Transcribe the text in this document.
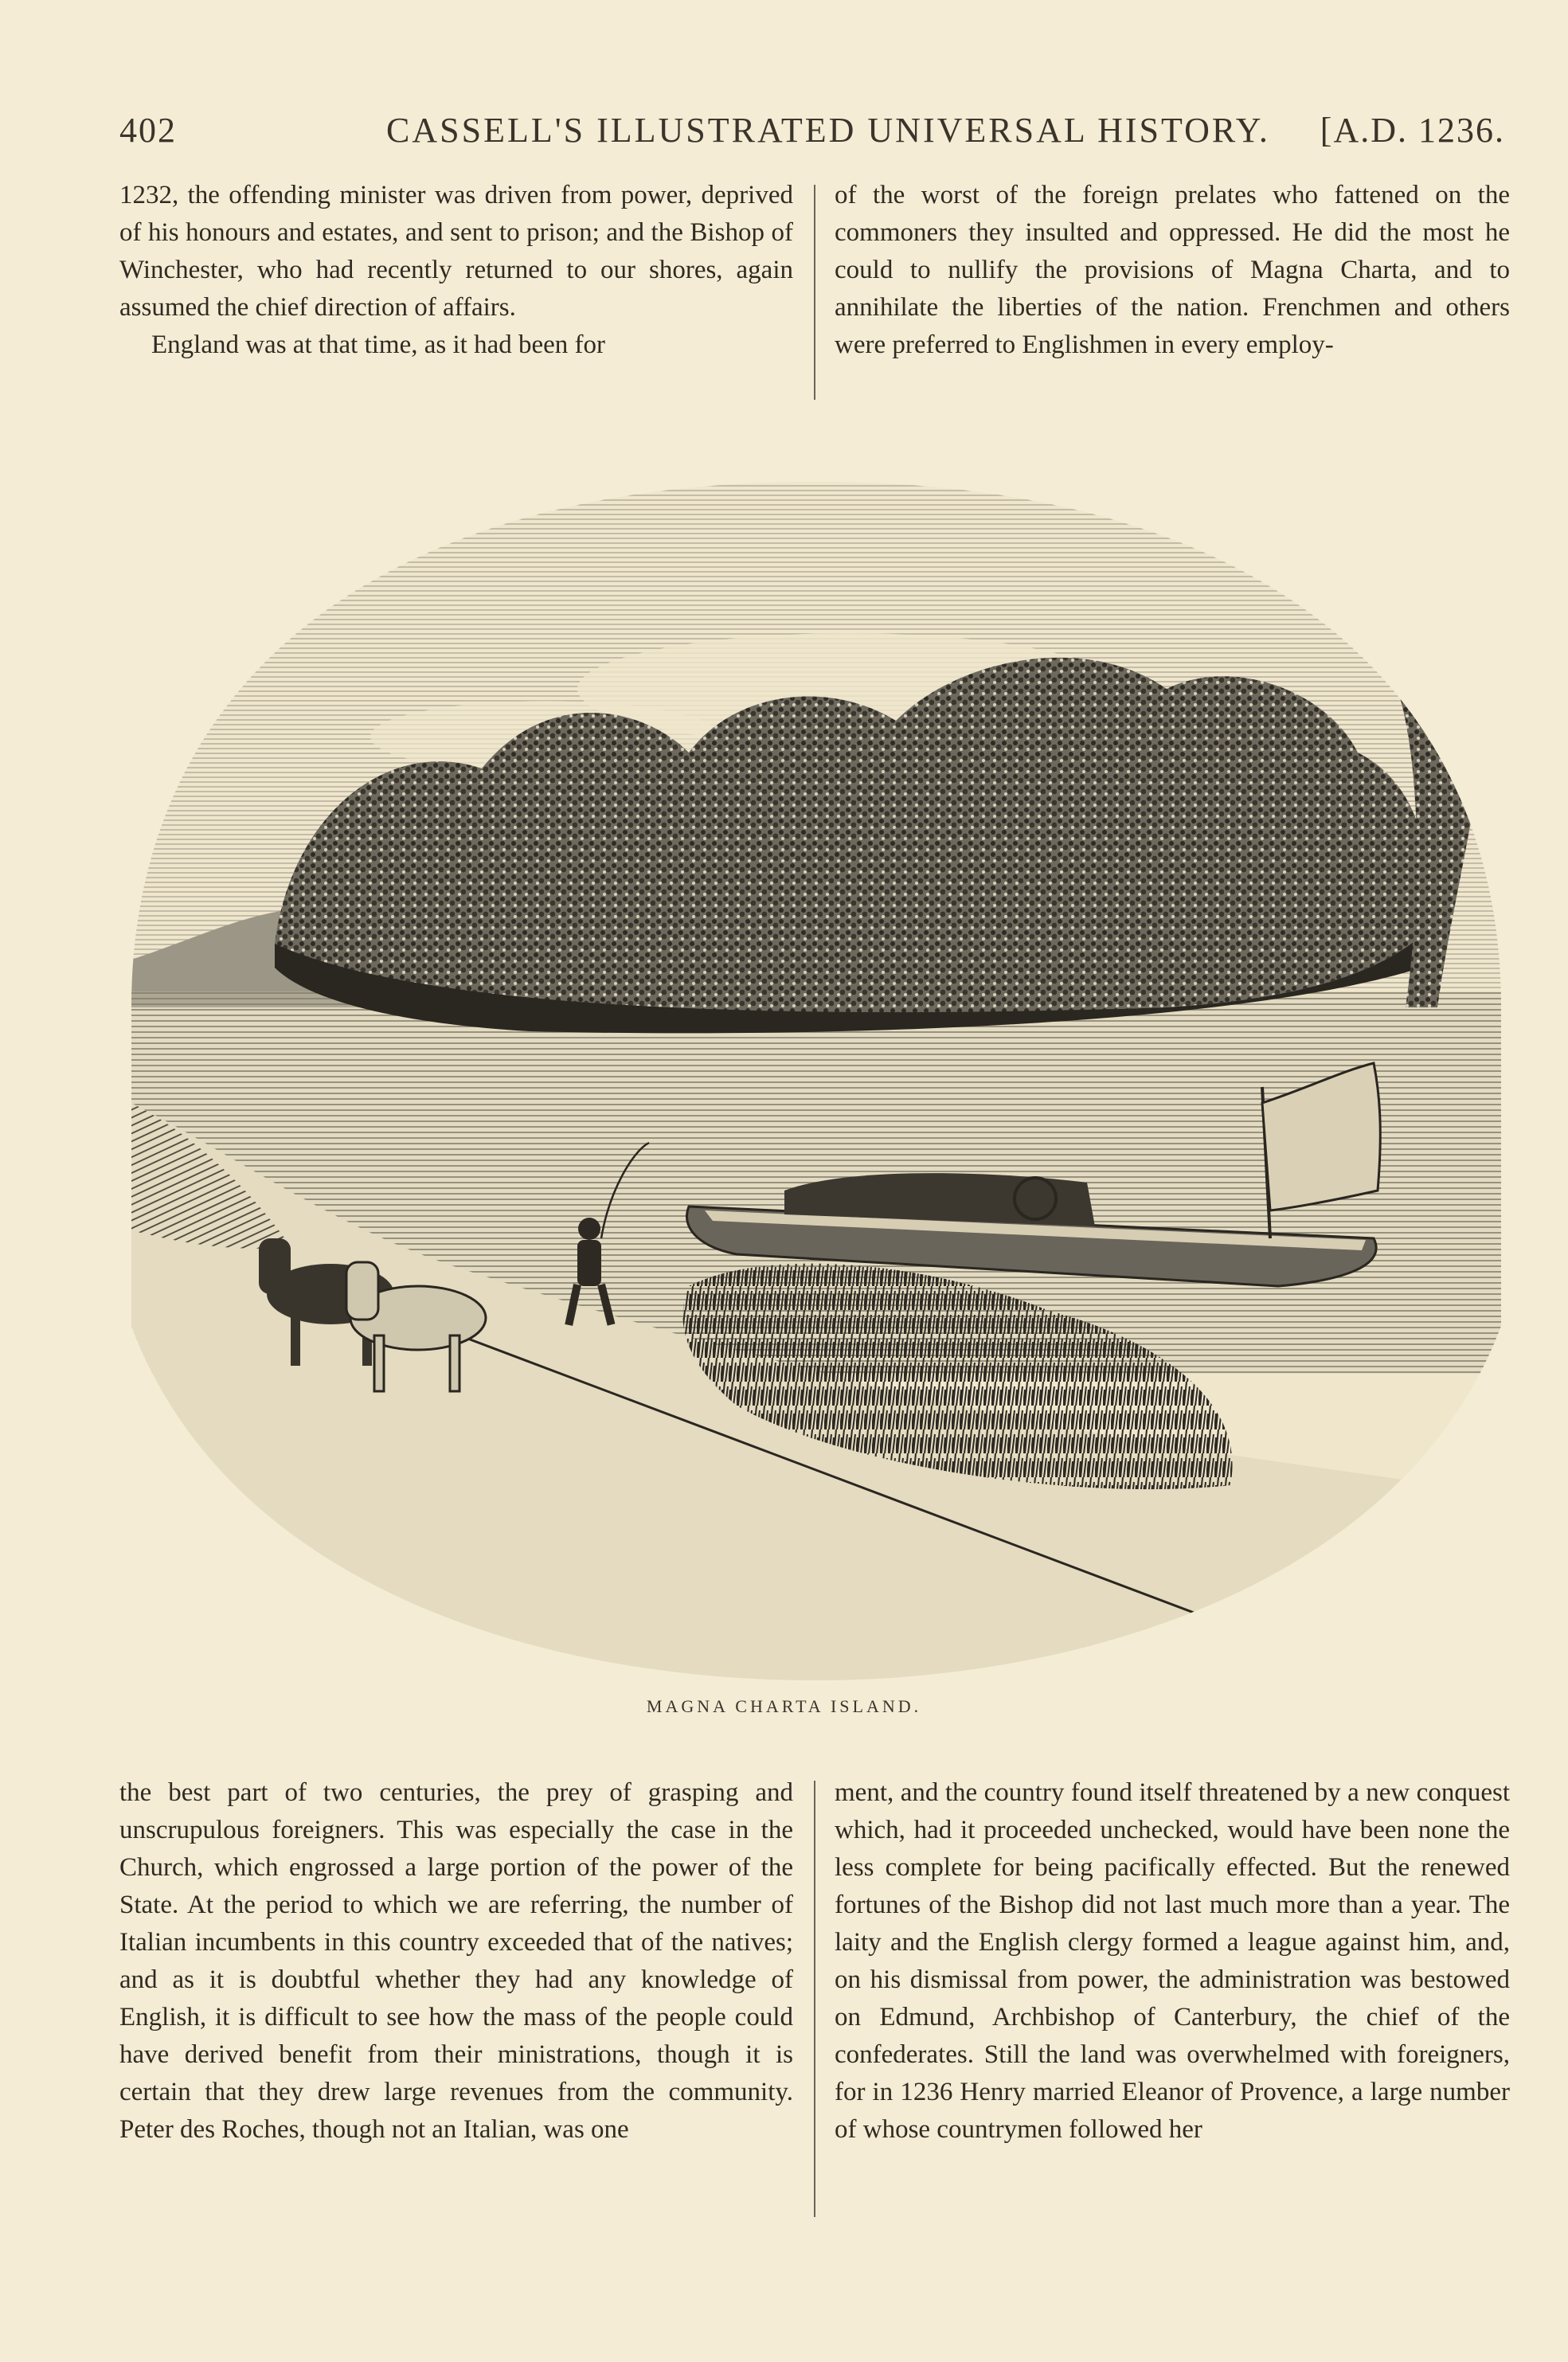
402	CASSELL'S ILLUSTRATED UNIVERSAL HISTORY. [A.D. 1236.

1232, the offending minister was driven from power, deprived of his honours and estates, and sent to prison; and the Bishop of Winchester, who had recently returned to our shores, again assumed the chief direction of affairs.

England was at that time, as it had been for

of the worst of the foreign prelates who fattened on the commoners they insulted and oppressed. He did the most he could to nullify the provisions of Magna Charta, and to annihilate the liberties of the nation. Frenchmen and others were preferred to Englishmen in every employ-

MAGNA CHARTA ISLAND.

the best part of two centuries, the prey of grasping and unscrupulous foreigners. This was especially the case in the Church, which engrossed a large portion of the power of the State. At the period to which we are referring, the number of Italian incumbents in this country exceeded that of the natives; and as it is doubtful whether they had any knowledge of English, it is difficult to see how the mass of the people could have derived benefit from their ministrations, though it is certain that they drew large revenues from the community. Peter des Roches, though not an Italian, was one

ment, and the country found itself threatened by a new conquest which, had it proceeded unchecked, would have been none the less complete for being pacifically effected. But the renewed fortunes of the Bishop did not last much more than a year. The laity and the English clergy formed a league against him, and, on his dismissal from power, the administration was bestowed on Edmund, Archbishop of Canterbury, the chief of the confederates. Still the land was overwhelmed with foreigners, for in 1236 Henry married Eleanor of Provence, a large number of whose countrymen followed her
